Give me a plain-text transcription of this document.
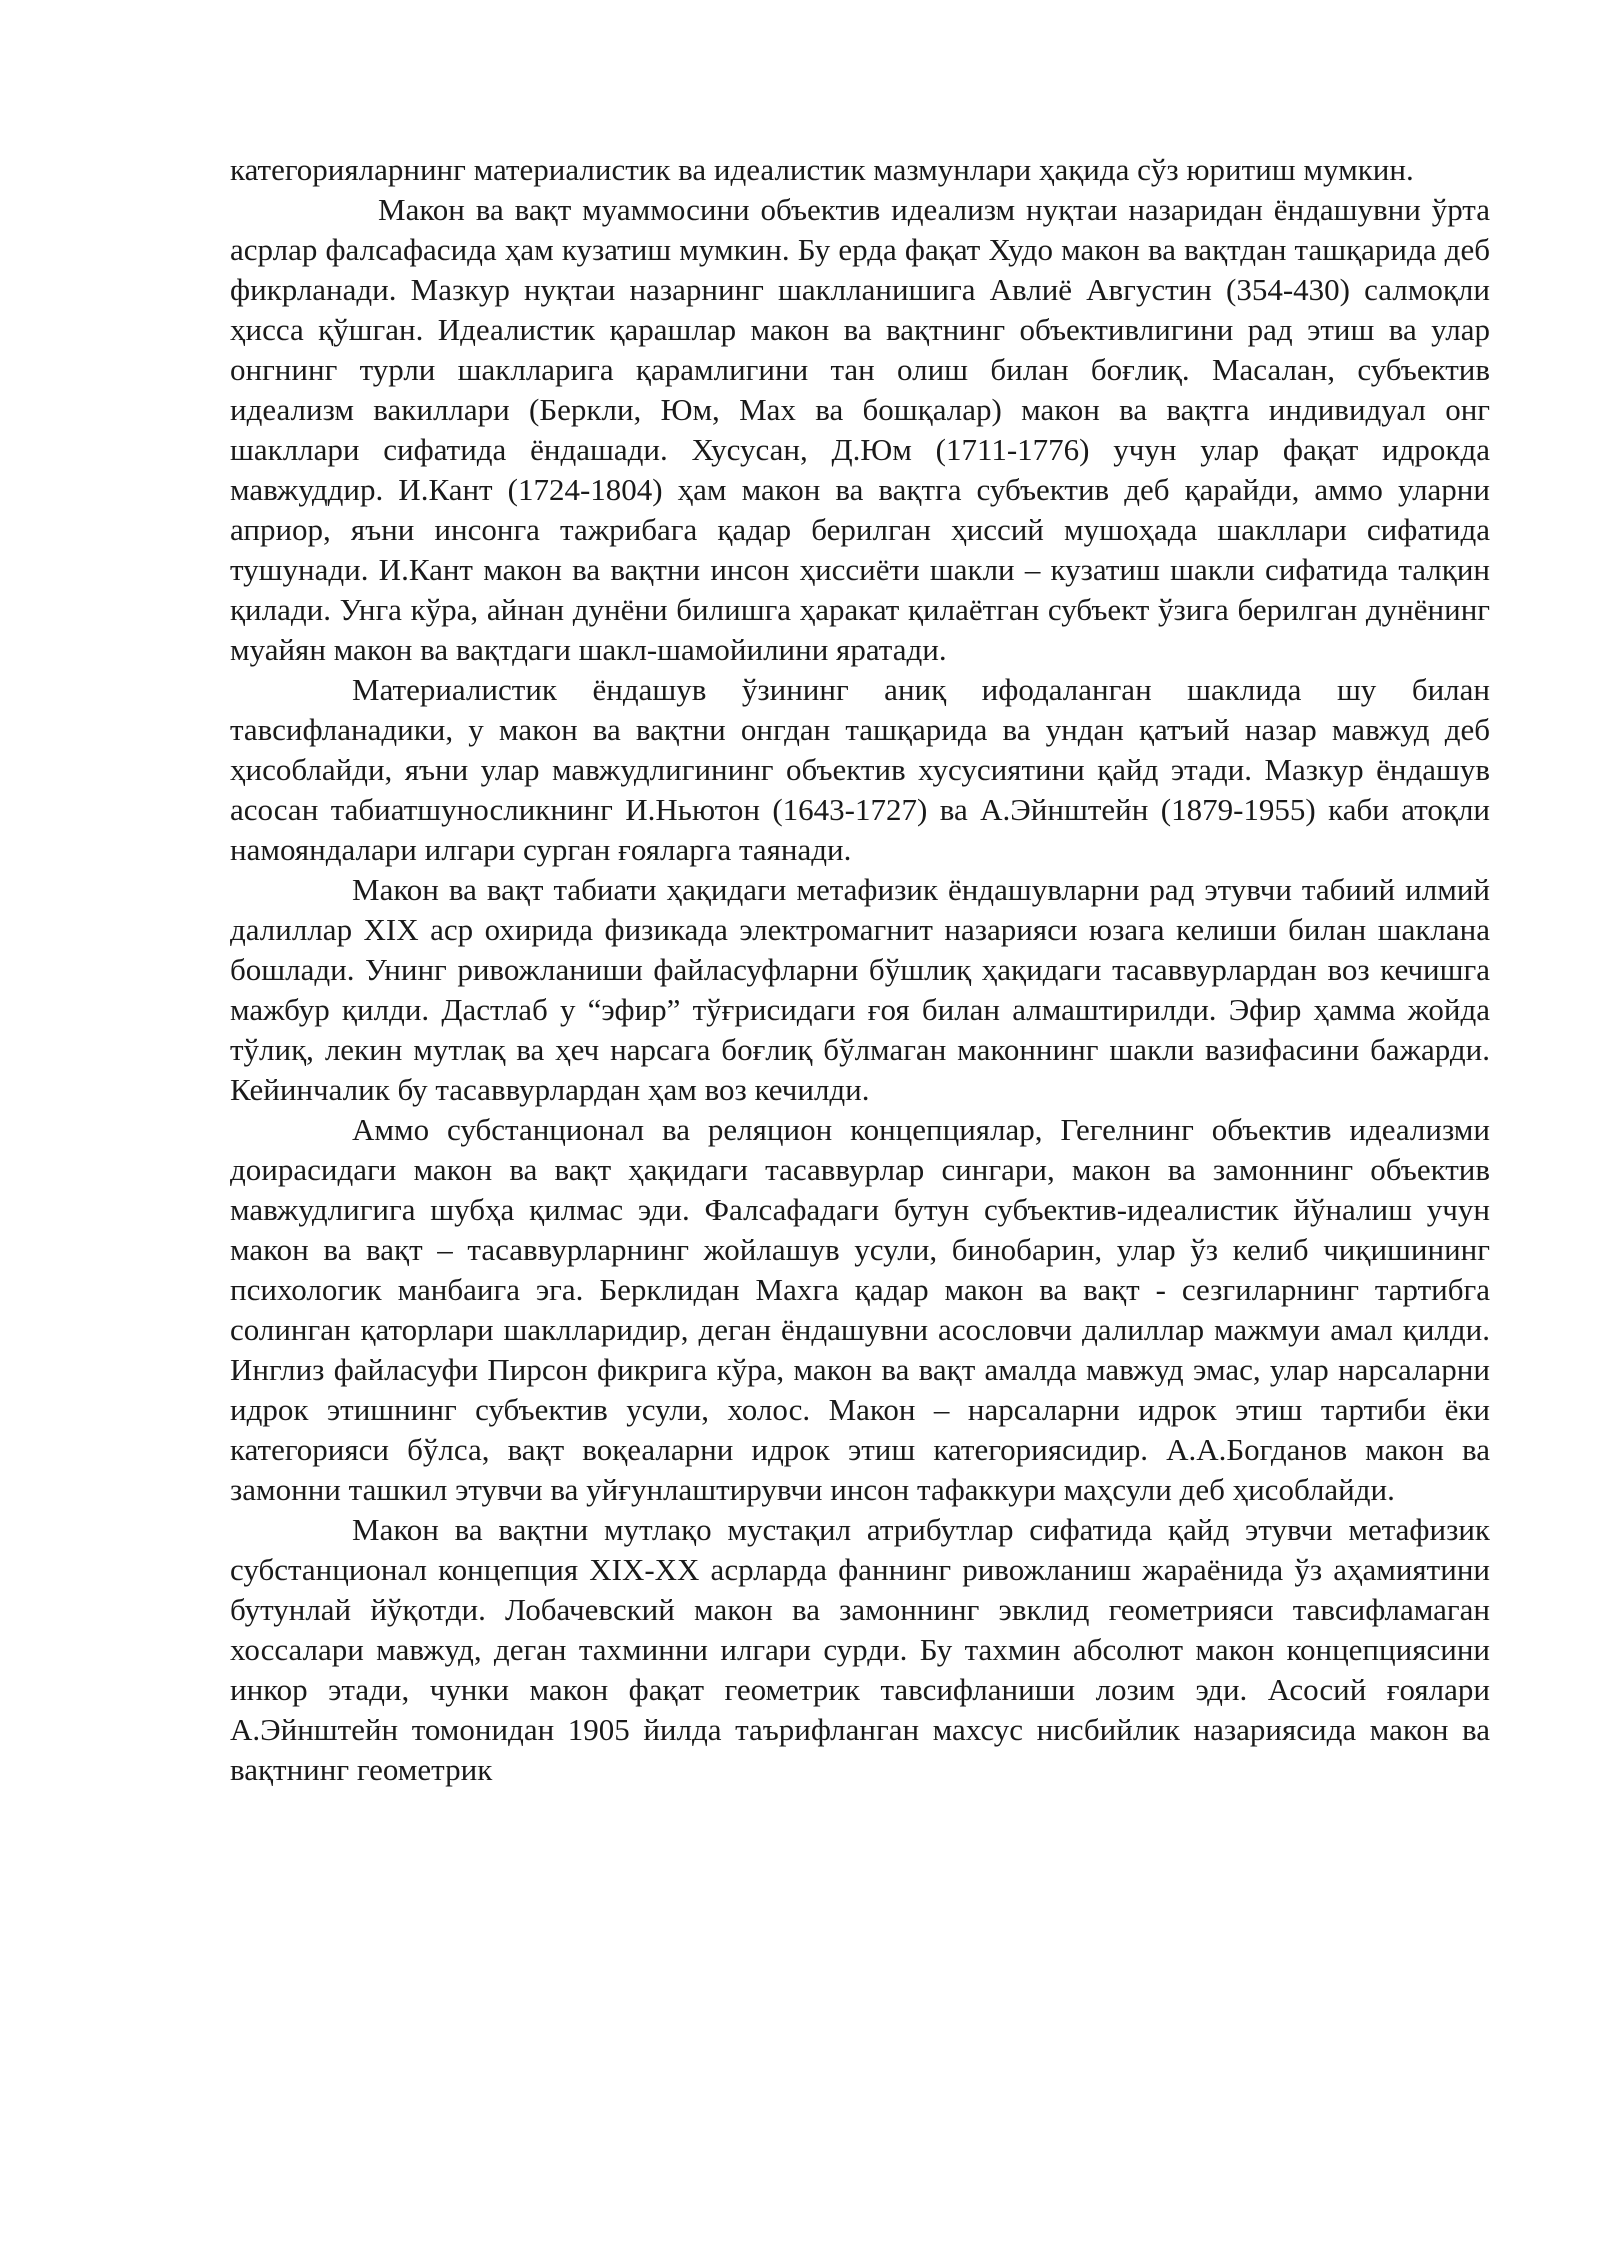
категорияларнинг материалистик ва идеалистик мазмунлари ҳақида сўз юритиш мумкин.

Макон ва вақт муаммосини объектив идеализм нуқтаи назаридан ёндашувни ўрта асрлар фалсафасида ҳам кузатиш мумкин. Бу ерда фақат Худо макон ва вақтдан ташқарида деб фикрланади. Мазкур нуқтаи назарнинг шаклланишига Авлиё Августин (354-430) салмоқли ҳисса қўшган. Идеалистик қарашлар макон ва вақтнинг объективлигини рад этиш ва улар онгнинг турли шаклларига қарамлигини тан олиш билан боғлиқ. Масалан, субъектив идеализм вакиллари (Беркли, Юм, Мах ва бошқалар) макон ва вақтга индивидуал онг шакллари сифатида ёндашади. Хусусан, Д.Юм (1711-1776) учун улар фақат идрокда мавжуддир. И.Кант (1724-1804) ҳам макон ва вақтга субъектив деб қарайди, аммо уларни априор, яъни инсонга тажрибага қадар берилган ҳиссий мушоҳада шакллари сифатида тушунади. И.Кант макон ва вақтни инсон ҳиссиёти шакли – кузатиш шакли сифатида талқин қилади. Унга кўра, айнан дунёни билишга ҳаракат қилаётган субъект ўзига берилган дунёнинг муайян макон ва вақтдаги шакл-шамойилини яратади.

Материалистик ёндашув ўзининг аниқ ифодаланган шаклида шу билан тавсифланадики, у макон ва вақтни онгдан ташқарида ва ундан қатъий назар мавжуд деб ҳисоблайди, яъни улар мавжудлигининг объектив хусусиятини қайд этади. Мазкур ёндашув асосан табиатшуносликнинг И.Ньютон (1643-1727) ва А.Эйнштейн (1879-1955) каби атоқли намояндалари илгари сурган ғояларга таянади.

Макон ва вақт табиати ҳақидаги метафизик ёндашувларни рад этувчи табиий илмий далиллар XIX аср охирида физикада электромагнит назарияси юзага келиши билан шаклана бошлади. Унинг ривожланиши файласуфларни бўшлиқ ҳақидаги тасаввурлардан воз кечишга мажбур қилди. Дастлаб у “эфир” тўғрисидаги ғоя билан алмаштирилди. Эфир ҳамма жойда тўлиқ, лекин мутлақ ва ҳеч нарсага боғлиқ бўлмаган маконнинг шакли вазифасини бажарди. Кейинчалик бу тасаввурлардан ҳам воз кечилди.

Аммо субстанционал ва реляцион концепциялар, Гегелнинг объектив идеализми доирасидаги макон ва вақт ҳақидаги тасаввурлар сингари, макон ва замоннинг объектив мавжудлигига шубҳа қилмас эди. Фалсафадаги бутун субъектив-идеалистик йўналиш учун макон ва вақт – тасаввурларнинг жойлашув усули, бинобарин, улар ўз келиб чиқишининг психологик манбаига эга. Берклидан Махга қадар макон ва вақт - сезгиларнинг тартибга солинган қаторлари шаклларидир, деган ёндашувни асословчи далиллар мажмуи амал қилди. Инглиз файласуфи Пирсон фикрига кўра, макон ва вақт амалда мавжуд эмас, улар нарсаларни идрок этишнинг субъектив усули, холос. Макон – нарсаларни идрок этиш тартиби ёки категорияси бўлса, вақт воқеаларни идрок этиш категориясидир. А.А.Богданов макон ва замонни ташкил этувчи ва уйғунлаштирувчи инсон тафаккури маҳсули деб ҳисоблайди.

Макон ва вақтни мутлақо мустақил атрибутлар сифатида қайд этувчи метафизик субстанционал концепция XIX-XX асрларда фаннинг ривожланиш жараёнида ўз аҳамиятини бутунлай йўқотди. Лобачевский макон ва замоннинг эвклид геометрияси тавсифламаган хоссалари мавжуд, деган тахминни илгари сурди. Бу тахмин абсолют макон концепциясини инкор этади, чунки макон фақат геометрик тавсифланиши лозим эди. Асосий ғоялари А.Эйнштейн томонидан 1905 йилда таърифланган махсус нисбийлик назариясида макон ва вақтнинг геометрик
